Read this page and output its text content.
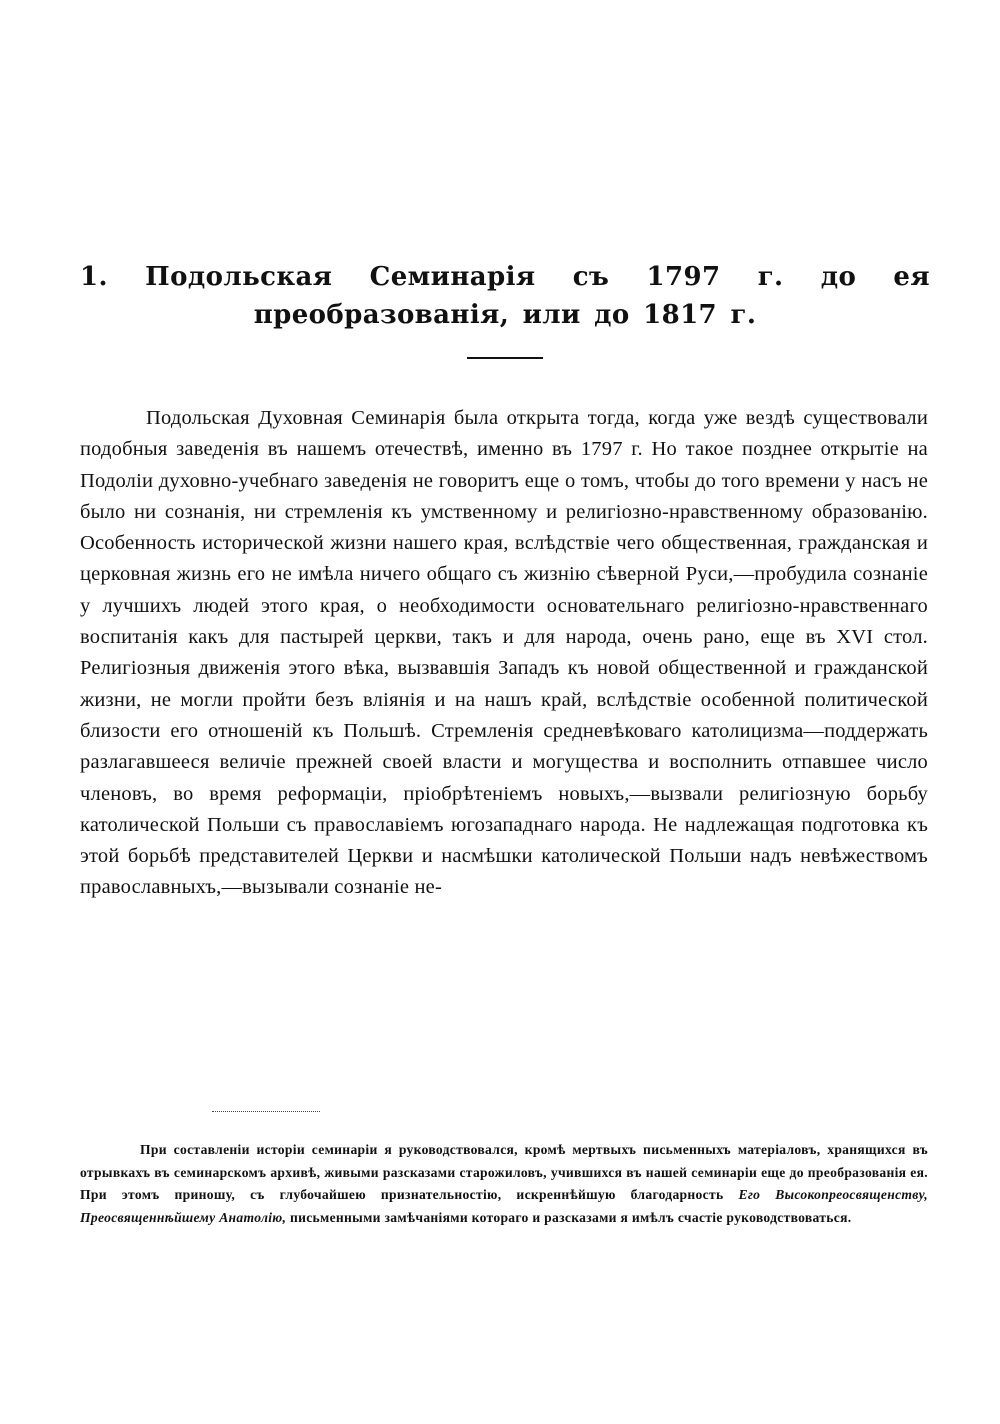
1. Подольская Семинарія съ 1797 г. до ея преобразованія, или до 1817 г.

Подольская Духовная Семинарія была открыта тогда, когда уже вездѣ существовали подобныя заведенія въ нашемъ отечествѣ, именно въ 1797 г. Но такое позднее открытіе на Подоліи духовно-учебнаго заведенія не говоритъ еще о томъ, чтобы до того времени у насъ не было ни сознанія, ни стремленія къ умственному и религіозно-нравственному образованію. Особенность исторической жизни нашего края, вслѣдствіе чего общественная, гражданская и церковная жизнь его не имѣла ничего общаго съ жизнію сѣверной Руси,—пробудила сознаніе у лучшихъ людей этого края, о необходимости основательнаго религіозно-нравственнаго воспитанія какъ для пастырей церкви, такъ и для народа, очень рано, еще въ XVI стол. Религіозныя движенія этого вѣка, вызвавшія Западъ къ новой общественной и гражданской жизни, не могли пройти безъ вліянія и на нашъ край, вслѣдствіе особенной политической близости его отношеній къ Польшѣ. Стремленія средневѣковаго католицизма—поддержать разлагавшееся величіе прежней своей власти и могущества и восполнить отпавшее число членовъ, во время реформаціи, пріобрѣтеніемъ новыхъ,—вызвали религіозную борьбу католической Польши съ православіемъ югозападнаго народа. Не надлежащая подготовка къ этой борьбѣ представителей Церкви и насмѣшки католической Польши надъ невѣжествомъ православныхъ,—вызывали сознаніе не-

При составленіи исторіи семинаріи я руководствовался, кромѣ мертвыхъ письменныхъ матеріаловъ, хранящихся въ отрывкахъ въ семинарскомъ архивѣ, живыми разсказами старожиловъ, учившихся въ нашей семинаріи еще до преобразованія ея. При этомъ приношу, съ глубочайшею признательностію, искреннѣйшую благодарность Его Высокопреосвященству, Преосвященнѣйшему Анатолію, письменными замѣчаніями котораго и разсказами я имѣлъ счастіе руководствоваться.
